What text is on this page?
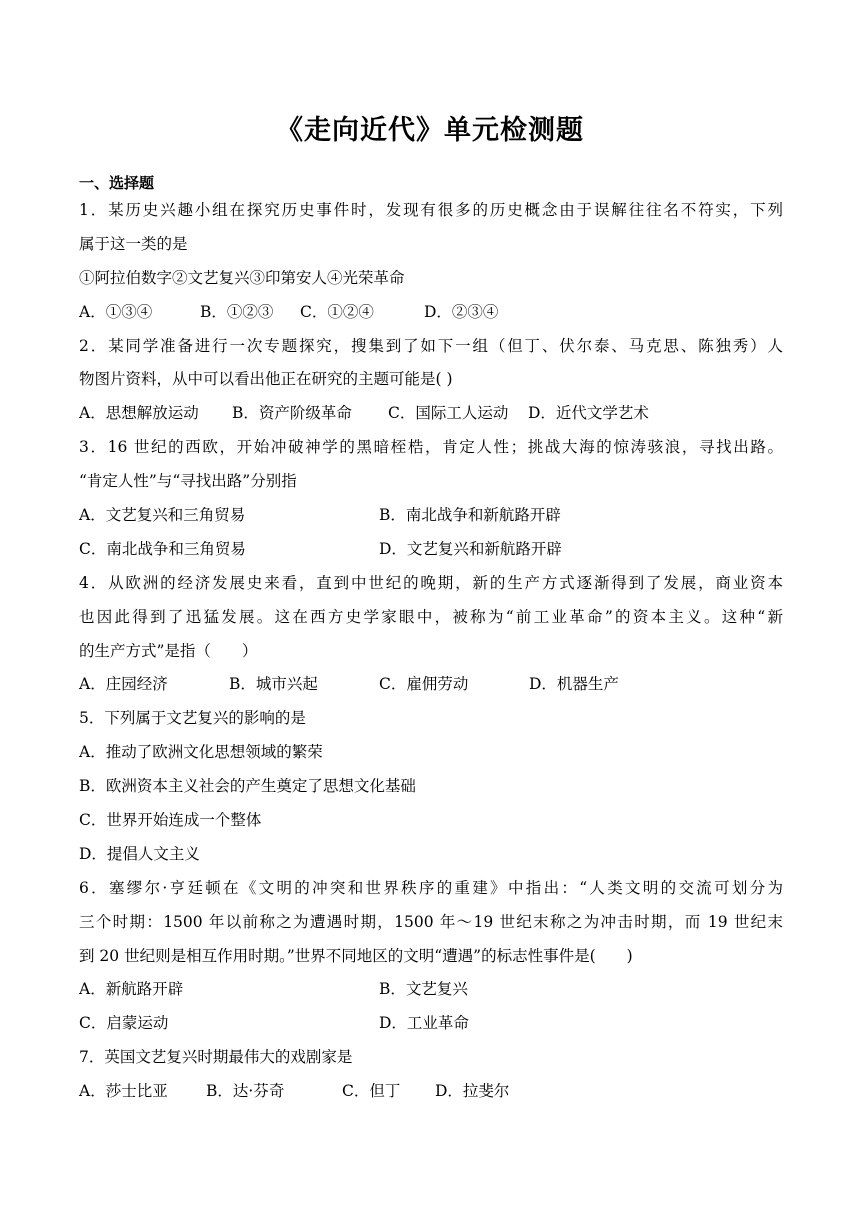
《走向近代》单元检测题
一、选择题
1．某历史兴趣小组在探究历史事件时，发现有很多的历史概念由于误解往往名不符实，下列
属于这一类的是
①阿拉伯数字②文艺复兴③印第安人④光荣革命
A．①③④	B．①②③	C．①②④	D．②③④
2．某同学准备进行一次专题探究，搜集到了如下一组（但丁、伏尔泰、马克思、陈独秀）人
物图片资料，从中可以看出他正在研究的主题可能是( )
A．思想解放运动	B．资产阶级革命	C．国际工人运动	D．近代文学艺术
3．16 世纪的西欧，开始冲破神学的黑暗桎梏，肯定人性；挑战大海的惊涛骇浪，寻找出路。
“肯定人性”与“寻找出路”分别指
A．文艺复兴和三角贸易	B．南北战争和新航路开辟
C．南北战争和三角贸易	D．文艺复兴和新航路开辟
4．从欧洲的经济发展史来看，直到中世纪的晚期，新的生产方式逐渐得到了发展，商业资本
也因此得到了迅猛发展。这在西方史学家眼中，被称为“前工业革命”的资本主义。这种“新
的生产方式”是指（　　）
A．庄园经济	B．城市兴起	C．雇佣劳动	D．机器生产
5．下列属于文艺复兴的影响的是
A．推动了欧洲文化思想领域的繁荣
B．欧洲资本主义社会的产生奠定了思想文化基础
C．世界开始连成一个整体
D．提倡人文主义
6．塞缪尔·亨廷顿在《文明的冲突和世界秩序的重建》中指出：“人类文明的交流可划分为
三个时期：1500 年以前称之为遭遇时期，1500 年～19 世纪末称之为冲击时期，而 19 世纪末
到 20 世纪则是相互作用时期。”世界不同地区的文明“遭遇”的标志性事件是(　　)
A．新航路开辟	B．文艺复兴
C．启蒙运动	D．工业革命
7．英国文艺复兴时期最伟大的戏剧家是
A．莎士比亚	B．达·芬奇	C．但丁	D．拉斐尔
